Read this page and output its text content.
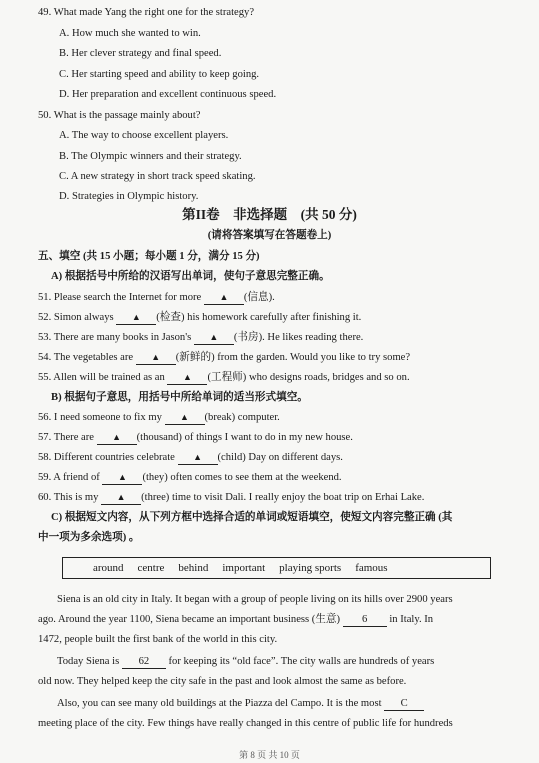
49. What made Yang the right one for the strategy?
A. How much she wanted to win.
B. Her clever strategy and final speed.
C. Her starting speed and ability to keep going.
D. Her preparation and excellent continuous speed.
50. What is the passage mainly about?
A. The way to choose excellent players.
B. The Olympic winners and their strategy.
C. A new strategy in short track speed skating.
D. Strategies in Olympic history.
第II卷　非选择题　(共 50 分)
(请将答案填写在答题卷上)
五、填空 (共 15 小题；每小题 1 分，满分 15 分)
A) 根据括号中所给的汉语写出单词，使句子意思完整正确。
51. Please search the Internet for more ▲ (信息).
52. Simon always ▲ (检查) his homework carefully after finishing it.
53. There are many books in Jason's ▲ (书房). He likes reading there.
54. The vegetables are ▲ (新鲜的) from the garden. Would you like to try some?
55. Allen will be trained as an ▲ (工程师) who designs roads, bridges and so on.
B) 根据句子意思，用括号中所给单词的适当形式填空。
56. I need someone to fix my ▲ (break) computer.
57. There are ▲ (thousand) of things I want to do in my new house.
58. Different countries celebrate ▲ (child) Day on different days.
59. A friend of ▲ (they) often comes to see them at the weekend.
60. This is my ▲ (three) time to visit Dali. I really enjoy the boat trip on Erhai Lake.
C) 根据短文内容，从下列方框中选择合适的单词或短语填空，使短文内容完整正确 (其
中一项为多余选项) 。
around centre behind important playing sports famous
Siena is an old city in Italy. It began with a group of people living on its hills over 2900 years
ago. Around the year 1100, Siena became an important business (生意) 6 in Italy. In
1472, people built the first bank of the world in this city.
Today Siena is 62 for keeping its “old face”. The city walls are hundreds of years
old now. They helped keep the city safe in the past and look almost the same as before.
Also, you can see many old buildings at the Piazza del Campo. It is the most C
meeting place of the city. Few things have really changed in this centre of public life for hundreds
第 8 页 共 10 页
